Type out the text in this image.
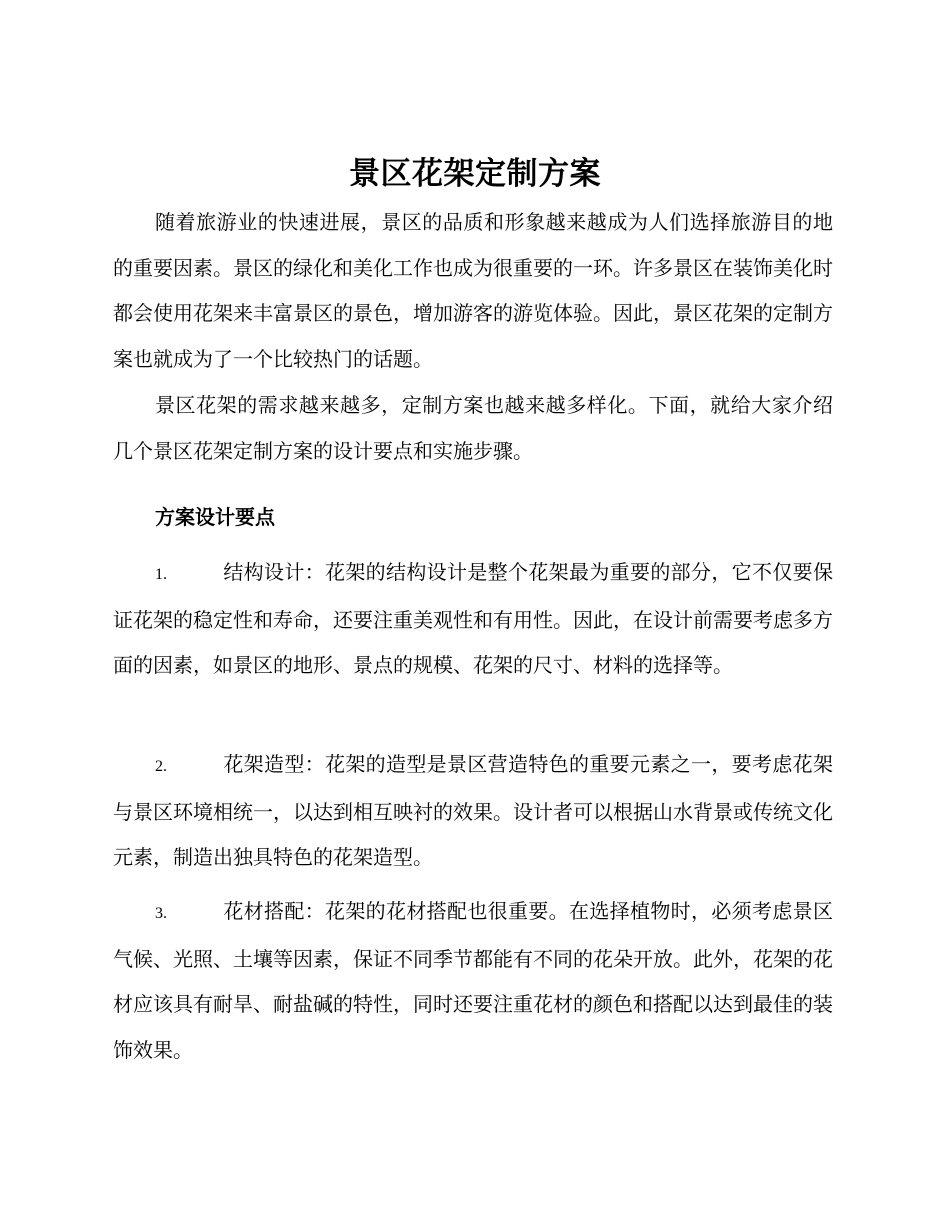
景区花架定制方案

随着旅游业的快速进展，景区的品质和形象越来越成为人们选择旅游目的地的重要因素。景区的绿化和美化工作也成为很重要的一环。许多景区在装饰美化时都会使用花架来丰富景区的景色，增加游客的游览体验。因此，景区花架的定制方案也就成为了一个比较热门的话题。

景区花架的需求越来越多，定制方案也越来越多样化。下面，就给大家介绍几个景区花架定制方案的设计要点和实施步骤。

方案设计要点

1.	结构设计：花架的结构设计是整个花架最为重要的部分，它不仅要保证花架的稳定性和寿命，还要注重美观性和有用性。因此，在设计前需要考虑多方面的因素，如景区的地形、景点的规模、花架的尺寸、材料的选择等。

2.	花架造型：花架的造型是景区营造特色的重要元素之一，要考虑花架与景区环境相统一，以达到相互映衬的效果。设计者可以根据山水背景或传统文化元素，制造出独具特色的花架造型。

3.	花材搭配：花架的花材搭配也很重要。在选择植物时，必须考虑景区气候、光照、土壤等因素，保证不同季节都能有不同的花朵开放。此外，花架的花材应该具有耐旱、耐盐碱的特性，同时还要注重花材的颜色和搭配以达到最佳的装饰效果。
